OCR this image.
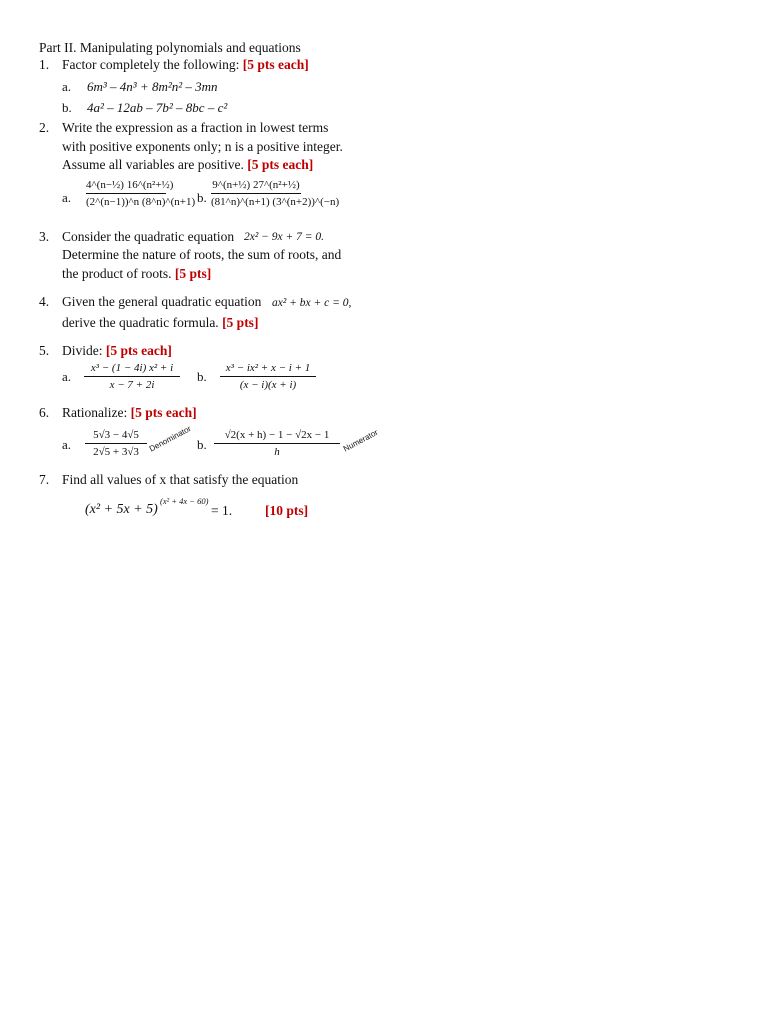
Part II. Manipulating polynomials and equations
1. Factor completely the following: [5 pts each]
a. 6m³ – 4n³ + 8m²n² – 3mn
b. 4a² – 12ab – 7b² – 8bc – c²
2. Write the expression as a fraction in lowest terms
with positive exponents only; n is a positive integer.
Assume all variables are positive. [5 pts each]
a.
4^(n−½) 16^(n²+½)
(2^(n−1))^n (8^n)^(n+1) b.
9^(n+½) 27^(n²+½)
(81^n)^(n+1) (3^(n+2))^(−n)
3. Consider the quadratic equation 2x² − 9x + 7 = 0.
Determine the nature of roots, the sum of roots, and
the product of roots. [5 pts]
4. Given the general quadratic equation ax² + bx + c = 0,
derive the quadratic formula. [5 pts]
5. Divide: [5 pts each]
a.
x³ − (1 − 4i) x² + i
x − 7 + 2i
b.
x³ − ix² + x − i + 1
(x − i)(x + i)
6. Rationalize: [5 pts each]
a.
5√3 − 4√5
2√5 + 3√3	Denominator b.
√2(x + h) − 1 − √2x − 1
h	Numerator
7. Find all values of x that satisfy the equation
(x² + 5x + 5)
(x² + 4x − 60)
= 1. [10 pts]
